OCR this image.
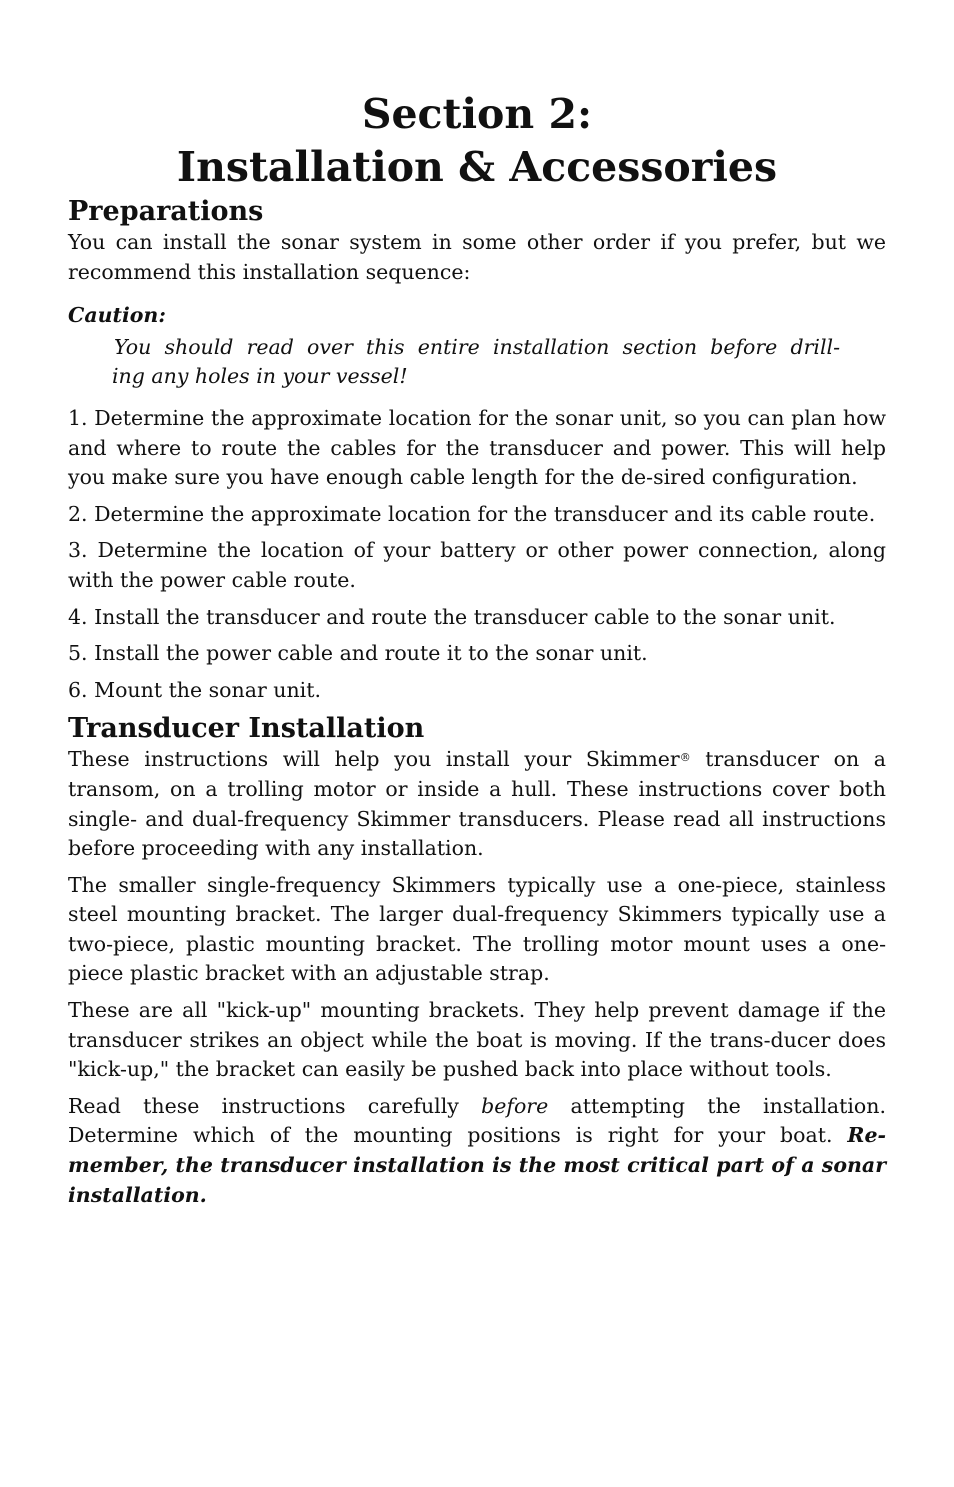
Section 2:
Installation & Accessories
Preparations

You can install the sonar system in some other order if you prefer, but we recommend this installation sequence:

Caution:
You should read over this entire installation section before drill-
ing any holes in your vessel!

1. Determine the approximate location for the sonar unit, so you can plan how and where to route the cables for the transducer and power. This will help you make sure you have enough cable length for the de-sired configuration.

2. Determine the approximate location for the transducer and its cable route.

3. Determine the location of your battery or other power connection, along with the power cable route.

4. Install the transducer and route the transducer cable to the sonar unit.

5. Install the power cable and route it to the sonar unit.

6. Mount the sonar unit.

Transducer Installation

These instructions will help you install your Skimmer® transducer on a transom, on a trolling motor or inside a hull. These instructions cover both single- and dual-frequency Skimmer transducers. Please read all instructions before proceeding with any installation.

The smaller single-frequency Skimmers typically use a one-piece, stainless steel mounting bracket. The larger dual-frequency Skimmers typically use a two-piece, plastic mounting bracket. The trolling motor mount uses a one-piece plastic bracket with an adjustable strap.

These are all "kick-up" mounting brackets. They help prevent damage if the transducer strikes an object while the boat is moving. If the trans-ducer does "kick-up," the bracket can easily be pushed back into place without tools.

Read these instructions carefully before attempting the installation. Determine which of the mounting positions is right for your boat. Re-member, the transducer installation is the most critical part of a sonar installation.
